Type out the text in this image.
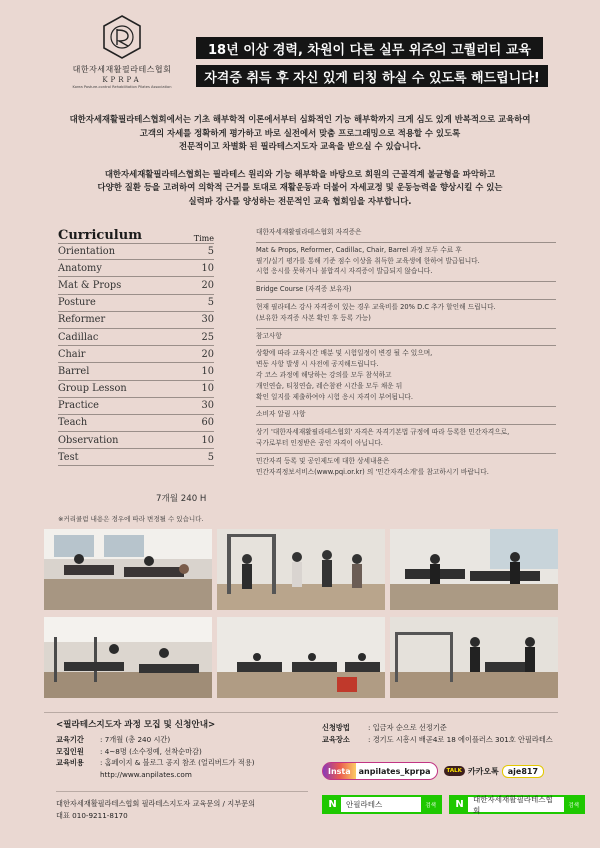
대한자세재활필라테스협회
KPRPA
Korea Posture-control Rehabilitation Pilates Association
18년 이상 경력, 차원이 다른 실무 위주의 고퀄리티 교육
자격증 취득 후 자신 있게 티칭 하실 수 있도록 해드립니다!

대한자세재활필라테스협회에서는 기초 해부학적 이론에서부터 심화적인 기능 해부학까지 크게 심도 있게 반복적으로 교육하여
고객의 자세를 정확하게 평가하고 바로 실전에서 맞춤 프로그래밍으로 적용할 수 있도록
전문적이고 차별화 된 필라테스지도자 교육을 받으실 수 있습니다.

대한자세재활필라테스협회는 필라테스 원리와 기능 해부학을 바탕으로 회원의 근골격계 불균형을 파악하고
다양한 질환 등을 고려하여 의학적 근거를 토대로 재활운동과 더불어 자세교정 및 운동능력을 향상시킬 수 있는
실력파 강사를 양성하는 전문적인 교육 협회임을 자부합니다.

Curriculum	Time
Orientation	5
Anatomy	10
Mat & Props	20
Posture	5
Reformer	30
Cadillac	25
Chair	20
Barrel	10
Group Lesson	10
Practice	30
Teach	60
Observation	10
Test	5
7개월 240 H
※커리큘럼 내용은 경우에 따라 변경될 수 있습니다.
대한자세재활필라테스협회 자격증은
Mat & Props, Reformer, Cadillac, Chair, Barrel 과정 모두 수료 후
필기/실기 평가를 통해 기준 점수 이상을 취득한 교육생에 한하여 발급됩니다.
시험 응시를 못하거나 불합격시 자격증이 발급되지 않습니다.
Bridge Course (자격증 보유자)
현재 필라테스 강사 자격증이 있는 경우 교육비를 20% D.C 추가 할인해 드립니다.
(보유한 자격증 사본 확인 후 등록 가능)
참고사항
상황에 따라 교육시간 배분 및 시험일정이 변경 될 수 있으며,
변동 사항 발생 시 사전에 공지해드립니다.
각 코스 과정에 해당하는 강의를 모두 참석하고
개인연습, 티칭연습, 레슨참관 시간을 모두 채운 뒤
확인 일지를 제출하여야 시험 응시 자격이 부여됩니다.
소비자 알림 사항
상기 '대한자세재활필라테스협회' 자격은 자격기본법 규정에 따라 등록한 민간자격으로,
국가로부터 인정받은 공인 자격이 아닙니다.
민간자격 등록 및 공인제도에 대한 상세내용은
민간자격정보서비스(www.pqi.or.kr) 의 '민간자격소개'를 참고하시기 바랍니다.
<필라테스지도자 과정 모집 및 신청안내>
교육기간	: 7개월 (총 240 시간)
모집인원	: 4~8명 (소수정예, 선착순마감)
교육비용	: 홈페이지 & 블로그 공지 참조 (얼리버드가 적용)
http://www.anpilates.com
대한자세재활필라테스협회 필라테스지도자 교육문의 / 지부문의
대표 010-9211-8170
신청방법	: 입금자 순으로 선정기준
교육장소	: 경기도 시흥시 배곧4로 18 에이플러스 301호 안필라테스
Insta	anpilates_kprpa	TALK 카카오톡	aje817
N	안필라테스	검색	N	대한자세재활필라테스협회	검색
